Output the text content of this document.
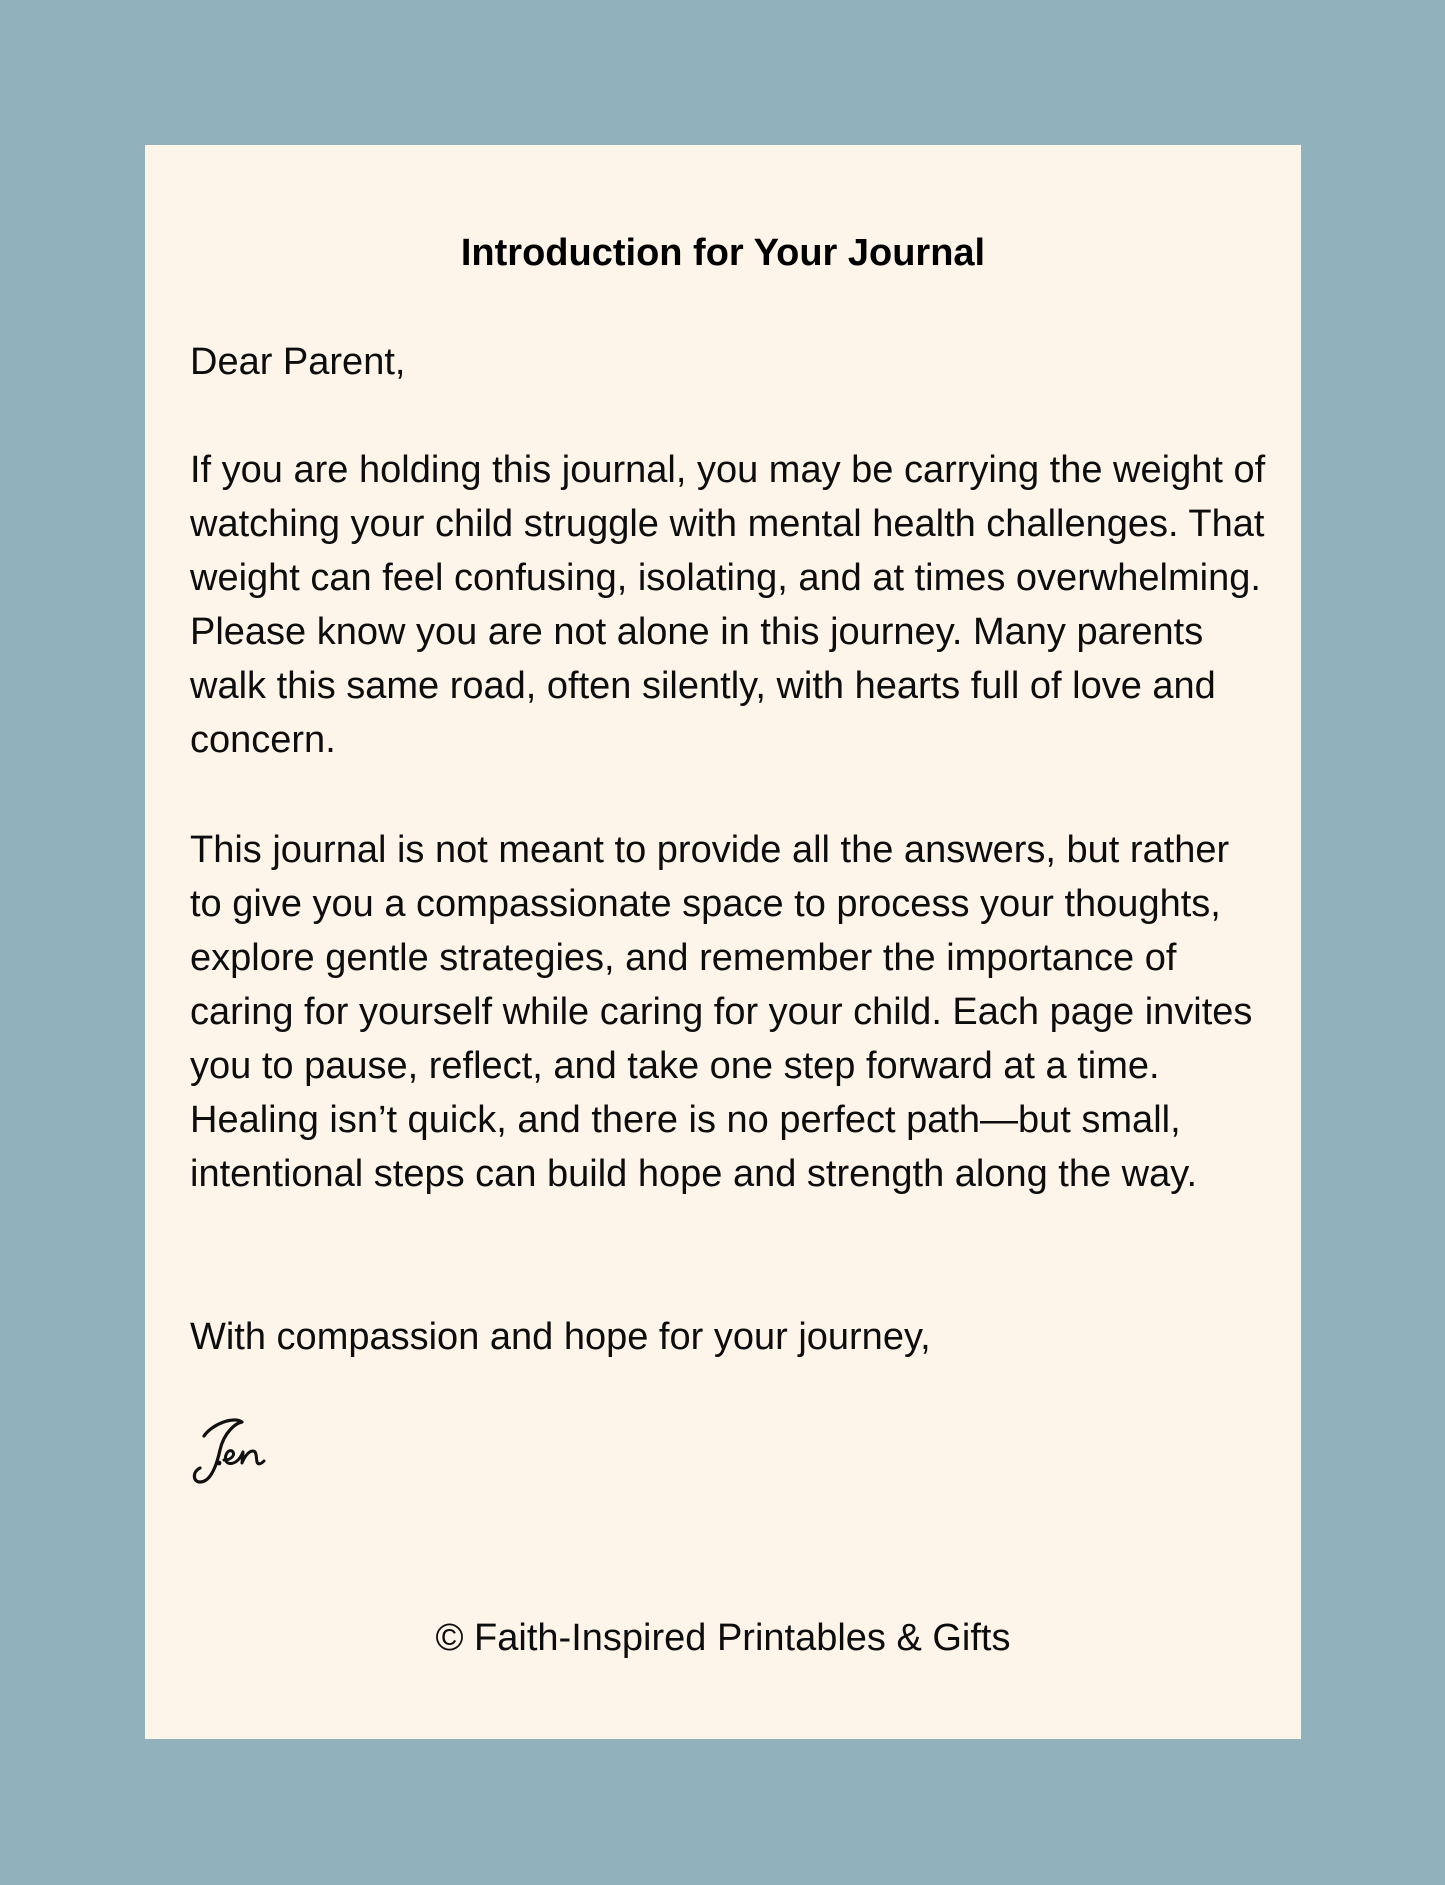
Introduction for Your Journal

Dear Parent,

If you are holding this journal, you may be carrying the weight of watching your child struggle with mental health challenges. That weight can feel confusing, isolating, and at times overwhelming. Please know you are not alone in this journey. Many parents walk this same road, often silently, with hearts full of love and concern.

This journal is not meant to provide all the answers, but rather to give you a compassionate space to process your thoughts, explore gentle strategies, and remember the importance of caring for yourself while caring for your child. Each page invites you to pause, reflect, and take one step forward at a time. Healing isn’t quick, and there is no perfect path—but small, intentional steps can build hope and strength along the way.

With compassion and hope for your journey,

© Faith-Inspired Printables & Gifts
